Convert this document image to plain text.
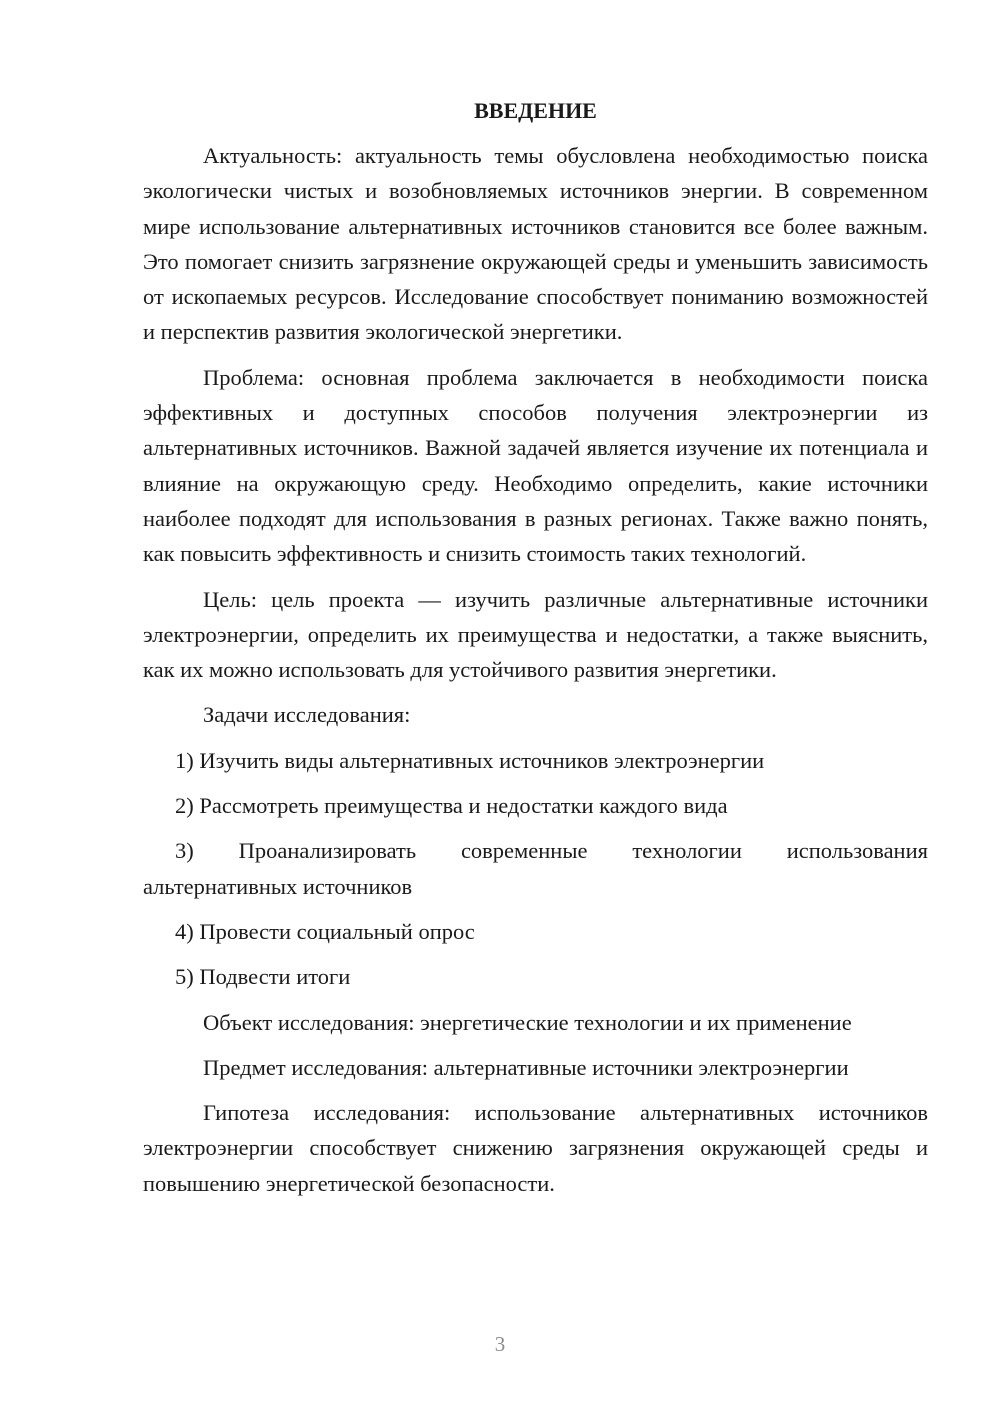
ВВЕДЕНИЕ

Актуальность: актуальность темы обусловлена необходимостью поиска экологически чистых и возобновляемых источников энергии. В современном мире использование альтернативных источников становится все более важным. Это помогает снизить загрязнение окружающей среды и уменьшить зависимость от ископаемых ресурсов. Исследование способствует пониманию возможностей и перспектив развития экологической энергетики.

Проблема: основная проблема заключается в необходимости поиска эффективных и доступных способов получения электроэнергии из альтернативных источников. Важной задачей является изучение их потенциала и влияние на окружающую среду. Необходимо определить, какие источники наиболее подходят для использования в разных регионах. Также важно понять, как повысить эффективность и снизить стоимость таких технологий.

Цель: цель проекта — изучить различные альтернативные источники электроэнергии, определить их преимущества и недостатки, а также выяснить, как их можно использовать для устойчивого развития энергетики.

Задачи исследования:

1) Изучить виды альтернативных источников электроэнергии

2) Рассмотреть преимущества и недостатки каждого вида

3) Проанализировать современные технологии использования альтернативных источников

4) Провести социальный опрос

5) Подвести итоги

Объект исследования: энергетические технологии и их применение

Предмет исследования: альтернативные источники электроэнергии

Гипотеза исследования: использование альтернативных источников электроэнергии способствует снижению загрязнения окружающей среды и повышению энергетической безопасности.

3
